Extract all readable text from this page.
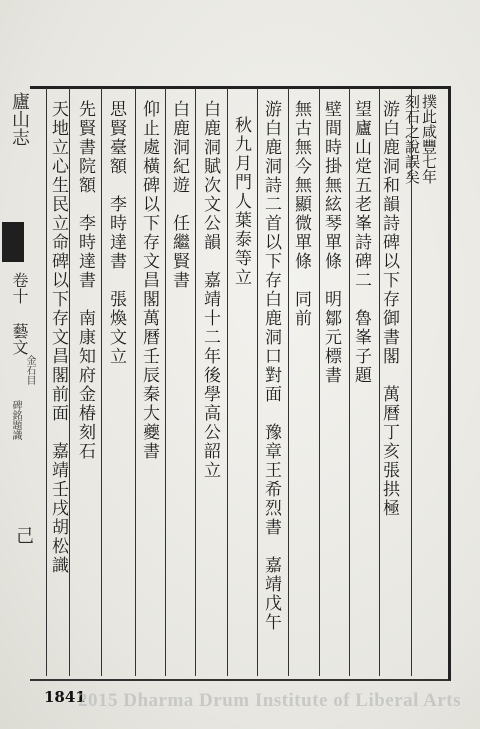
廬山志
卷十 藝文
金石目
碑銘題識
己
撲此咸豐七年
刻石之說誤矣
游白鹿洞和韻詩碑以下存御書閣　萬曆丁亥張拱極
望廬山䟫五老峯詩碑二　魯峯子題
壁間時掛無絃琴單條　明鄒元標書
無古無今無顯微單條　同前
游白鹿洞詩二首以下存白鹿洞口對面　豫章王希烈書　嘉靖戊午
秋九月門人葉泰等立
白鹿洞賦次文公韻　嘉靖十二年後學高公韶立
白鹿洞紀遊　任繼賢書
仰止處橫碑以下存文昌閣萬曆壬辰秦大夔書
思賢臺額　李時達書　張煥文立
先賢書院額　李時達書　南康知府金椿刻石
天地立心生民立命碑以下存文昌閣前面　嘉靖壬戌胡松識
1841
2015 Dharma Drum Institute of Liberal Arts
